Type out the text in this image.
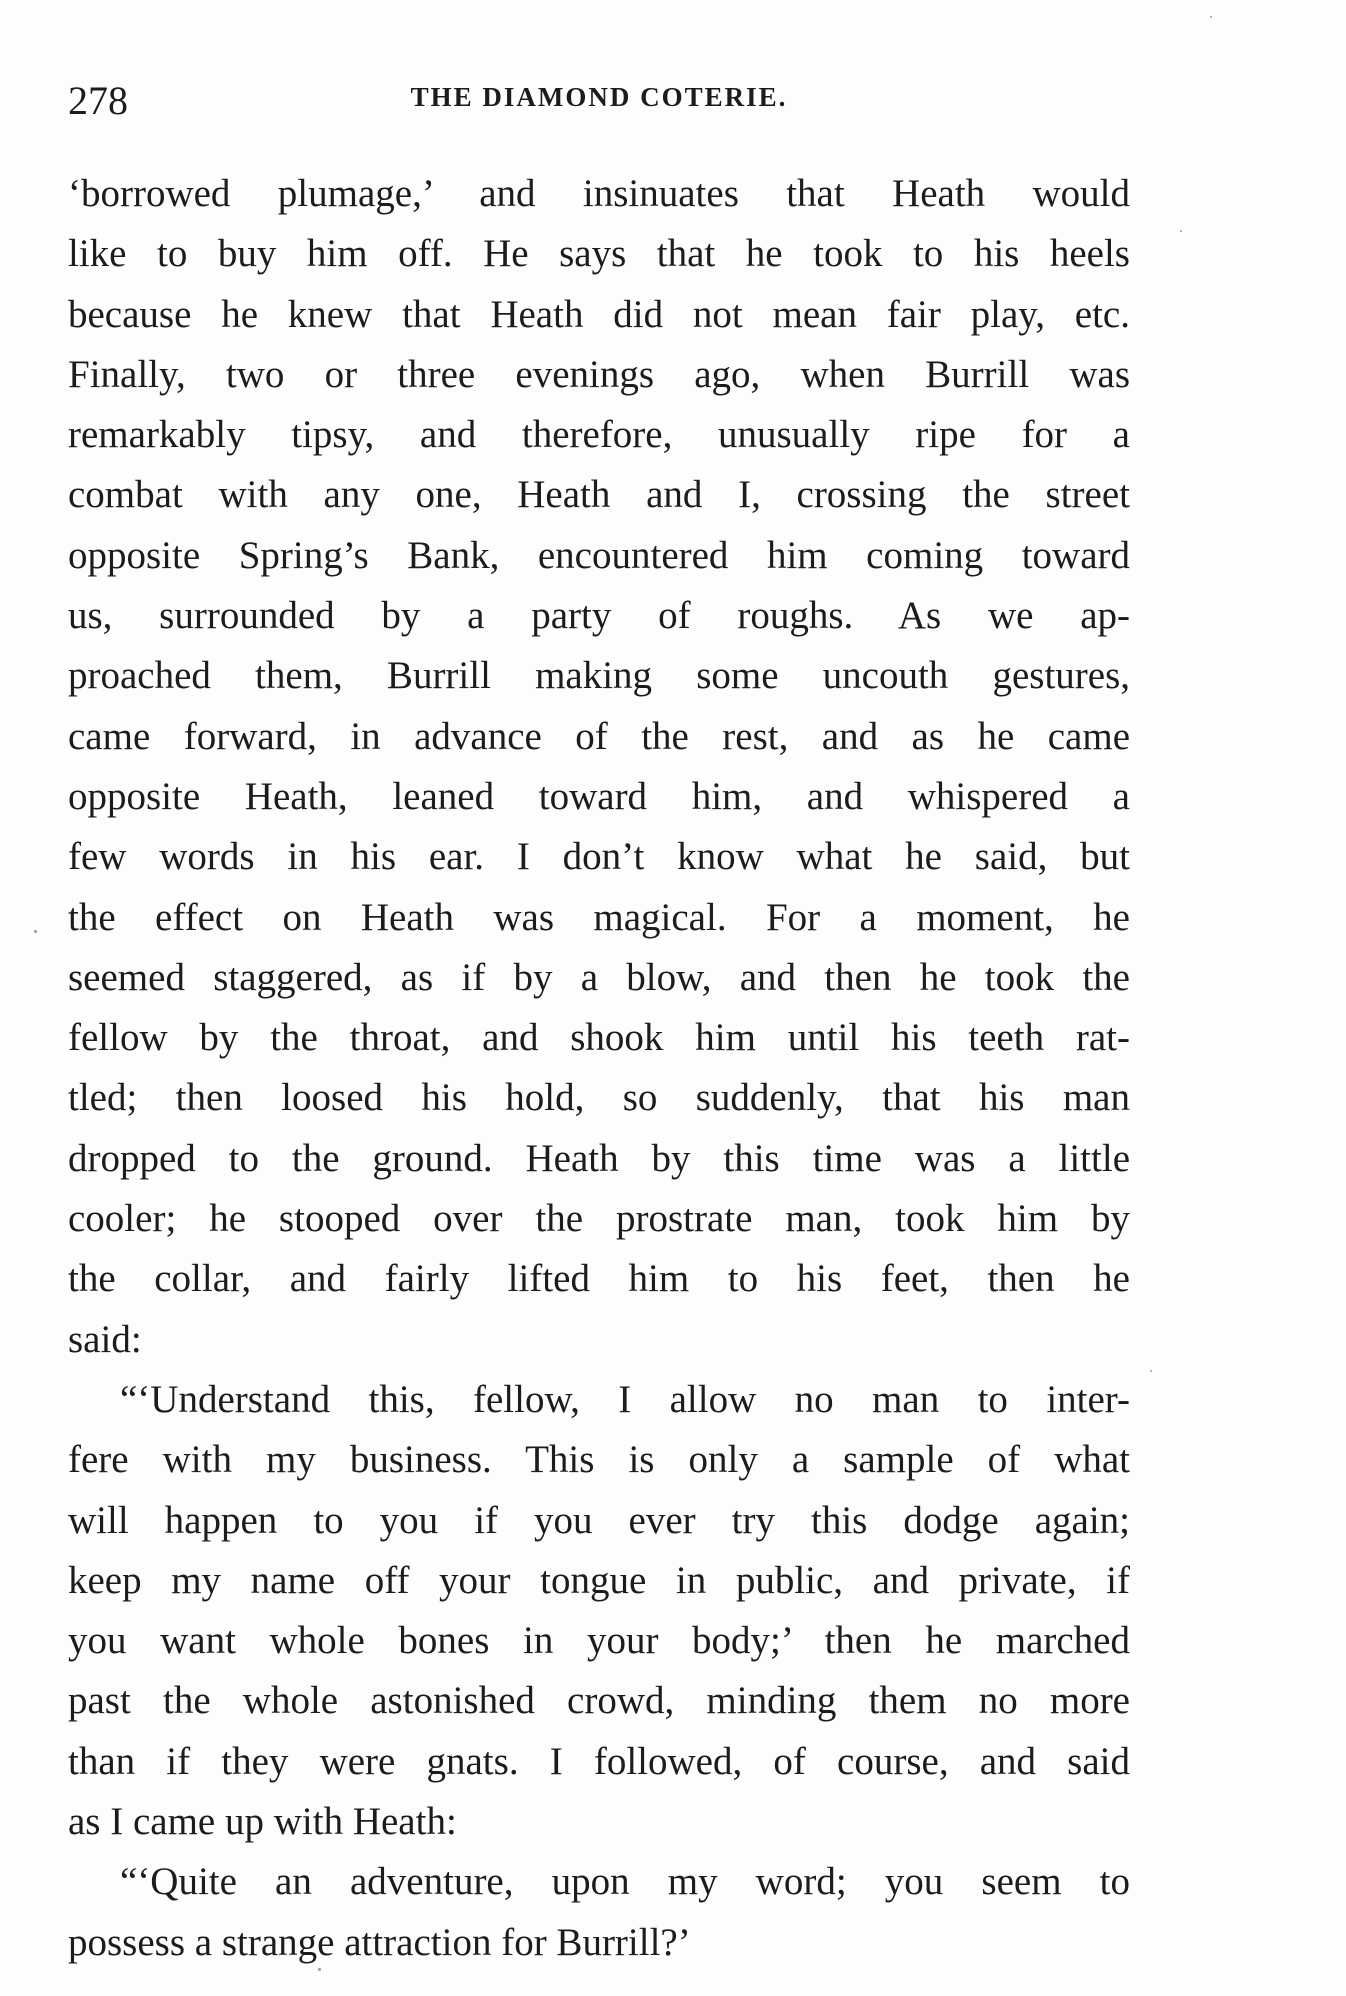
278	THE DIAMOND COTERIE.

‘borrowed plumage,’ and insinuates that Heath would

like to buy him off. He says that he took to his heels

because he knew that Heath did not mean fair play, etc.

Finally, two or three evenings ago, when Burrill was

remarkably tipsy, and therefore, unusually ripe for a

combat with any one, Heath and I, crossing the street

opposite Spring’s Bank, encountered him coming toward

us, surrounded by a party of roughs. As we ap-

proached them, Burrill making some uncouth gestures,

came forward, in advance of the rest, and as he came

opposite Heath, leaned toward him, and whispered a

few words in his ear. I don’t know what he said, but

the effect on Heath was magical. For a moment, he

seemed staggered, as if by a blow, and then he took the

fellow by the throat, and shook him until his teeth rat-

tled; then loosed his hold, so suddenly, that his man

dropped to the ground. Heath by this time was a little

cooler; he stooped over the prostrate man, took him by

the collar, and fairly lifted him to his feet, then he

said:

“‘Understand this, fellow, I allow no man to inter-

fere with my business. This is only a sample of what

will happen to you if you ever try this dodge again;

keep my name off your tongue in public, and private, if

you want whole bones in your body;’ then he marched

past the whole astonished crowd, minding them no more

than if they were gnats. I followed, of course, and said

as I came up with Heath:

“‘Quite an adventure, upon my word; you seem to

possess a strange attraction for Burrill?’
